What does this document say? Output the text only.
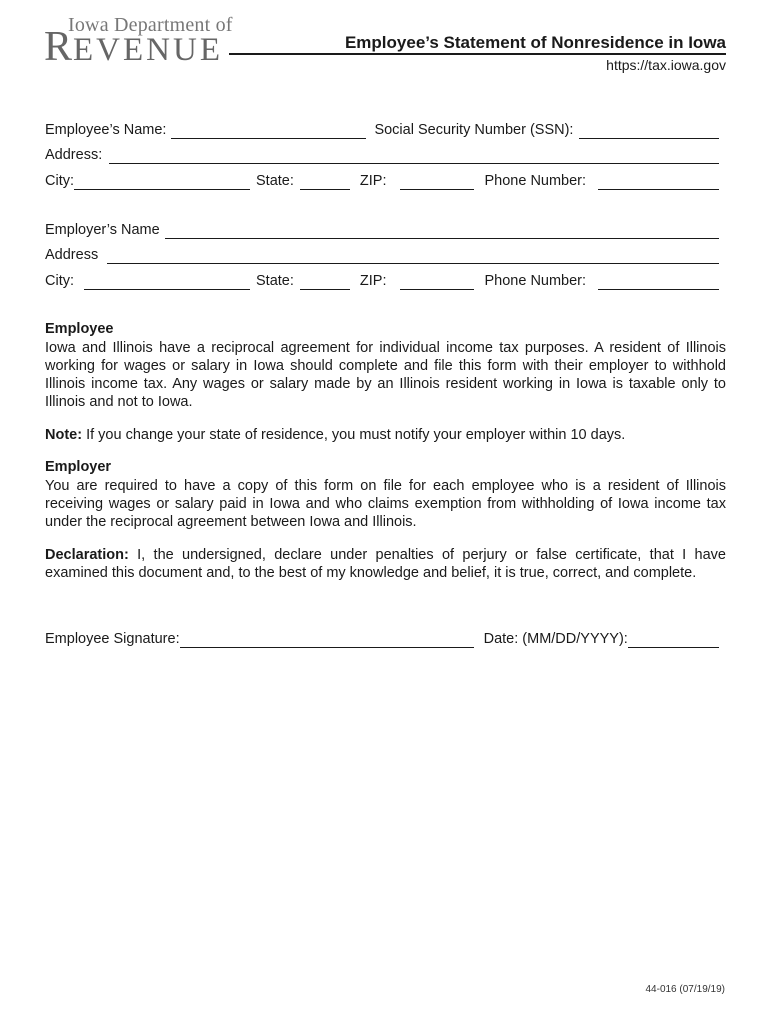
Iowa Department of
REVENUE	Employee’s Statement of Nonresidence in Iowa
https://tax.iowa.gov
Employee’s Name:	Social Security Number (SSN):
Address:
City:	State:	ZIP:	Phone Number:
Employer’s Name
Address
City:	State:	ZIP:	Phone Number:
Employee
Iowa and Illinois have a reciprocal agreement for individual income tax purposes. A resident of Illinois working for wages or salary in Iowa should complete and file this form with their employer to withhold Illinois income tax. Any wages or salary made by an Illinois resident working in Iowa is taxable only to Illinois and not to Iowa.
Note: If you change your state of residence, you must notify your employer within 10 days.
Employer
You are required to have a copy of this form on file for each employee who is a resident of Illinois receiving wages or salary paid in Iowa and who claims exemption from withholding of Iowa income tax under the reciprocal agreement between Iowa and Illinois.
Declaration: I, the undersigned, declare under penalties of perjury or false certificate, that I have examined this document and, to the best of my knowledge and belief, it is true, correct, and complete.
Employee Signature:	Date: (MM/DD/YYYY):
44-016 (07/19/19)
